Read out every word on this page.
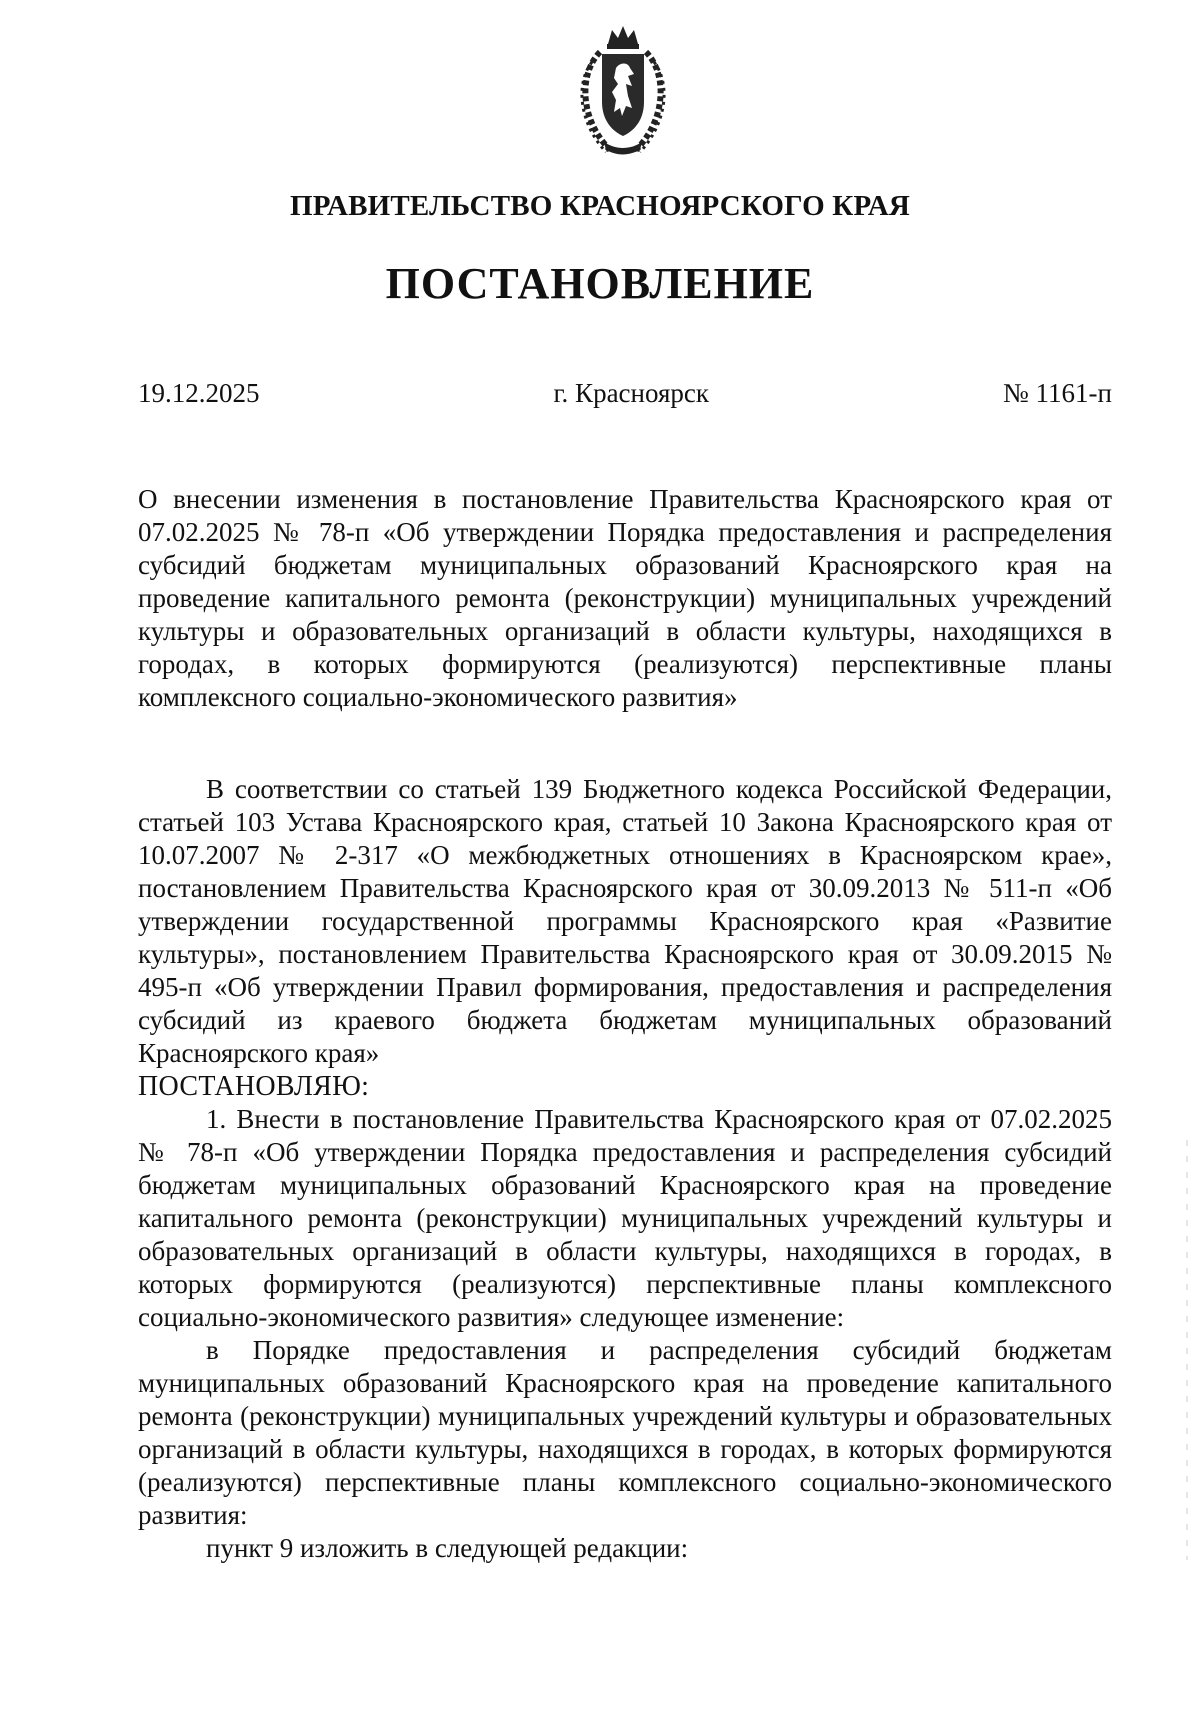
ПРАВИТЕЛЬСТВО КРАСНОЯРСКОГО КРАЯ
ПОСТАНОВЛЕНИЕ
19.12.2025	г. Красноярск	№ 1161-п

О внесении изменения в постановление Правительства Красноярского края от 07.02.2025 № 78-п «Об утверждении Порядка предоставления и распределения субсидий бюджетам муниципальных образований Красноярского края на проведение капитального ремонта (реконструкции) муниципальных учреждений культуры и образовательных организаций в области культуры, находящихся в городах, в которых формируются (реализуются) перспективные планы комплексного социально-экономического развития»

В соответствии со статьей 139 Бюджетного кодекса Российской Федерации, статьей 103 Устава Красноярского края, статьей 10 Закона Красноярского края от 10.07.2007 № 2-317 «О межбюджетных отношениях в Красноярском крае», постановлением Правительства Красноярского края от 30.09.2013 № 511-п «Об утверждении государственной программы Красноярского края «Развитие культуры», постановлением Правительства Красноярского края от 30.09.2015 № 495-п «Об утверждении Правил формирования, предоставления и распределения субсидий из краевого бюджета бюджетам муниципальных образований Красноярского края»

ПОСТАНОВЛЯЮ:

1. Внести в постановление Правительства Красноярского края от 07.02.2025 № 78-п «Об утверждении Порядка предоставления и распределения субсидий бюджетам муниципальных образований Красноярского края на проведение капитального ремонта (реконструкции) муниципальных учреждений культуры и образовательных организаций в области культуры, находящихся в городах, в которых формируются (реализуются) перспективные планы комплексного социально-экономического развития» следующее изменение:

в Порядке предоставления и распределения субсидий бюджетам муниципальных образований Красноярского края на проведение капитального ремонта (реконструкции) муниципальных учреждений культуры и образовательных организаций в области культуры, находящихся в городах, в которых формируются (реализуются) перспективные планы комплексного социально-экономического развития:

пункт 9 изложить в следующей редакции:
